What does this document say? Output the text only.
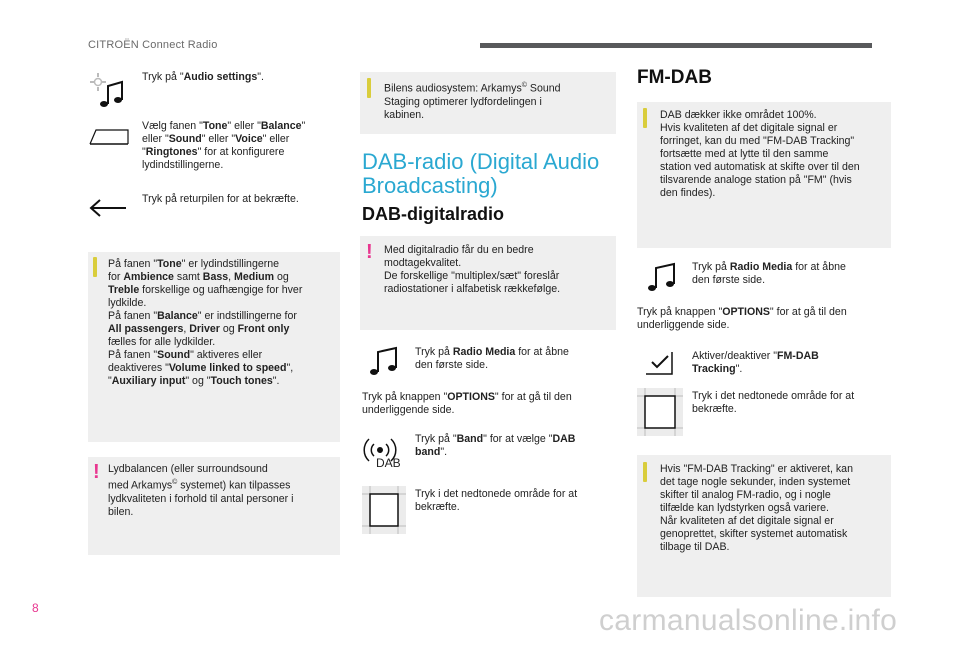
CITROËN Connect Radio
Tryk på "Audio settings".
Vælg fanen "Tone" eller "Balance"
eller "Sound" eller "Voice" eller
"Ringtones" for at konfigurere
lydindstillingerne.
Tryk på returpilen for at bekræfte.
På fanen "Tone" er lydindstillingerne
for Ambience samt Bass, Medium og
Treble forskellige og uafhængige for hver
lydkilde.
På fanen "Balance" er indstillingerne for
All passengers, Driver og Front only
fælles for alle lydkilder.
På fanen "Sound" aktiveres eller
deaktiveres "Volume linked to speed",
"Auxiliary input" og "Touch tones".
! Lydbalancen (eller surroundsound
med Arkamys© systemet) kan tilpasses
lydkvaliteten i forhold til antal personer i
bilen.
Bilens audiosystem: Arkamys© Sound
Staging optimerer lydfordelingen i
kabinen.
DAB-radio (Digital Audio
Broadcasting)
DAB-digitalradio
! Med digitalradio får du en bedre
modtagekvalitet.
De forskellige "multiplex/sæt" foreslår
radiostationer i alfabetisk rækkefølge.
Tryk på Radio Media for at åbne
den første side.
Tryk på knappen "OPTIONS" for at gå til den
underliggende side.
DAB
Tryk på "Band" for at vælge "DAB
band".
Tryk i det nedtonede område for at
bekræfte.
FM-DAB
DAB dækker ikke området 100%.
Hvis kvaliteten af det digitale signal er
forringet, kan du med "FM-DAB Tracking"
fortsætte med at lytte til den samme
station ved automatisk at skifte over til den
tilsvarende analoge station på "FM" (hvis
den findes).
Tryk på Radio Media for at åbne
den første side.
Tryk på knappen "OPTIONS" for at gå til den
underliggende side.
Aktiver/deaktiver "FM-DAB
Tracking".
Tryk i det nedtonede område for at
bekræfte.
Hvis "FM-DAB Tracking" er aktiveret, kan
det tage nogle sekunder, inden systemet
skifter til analog FM-radio, og i nogle
tilfælde kan lydstyrken også variere.
Når kvaliteten af det digitale signal er
genoprettet, skifter systemet automatisk
tilbage til DAB.
8	carmanualsonline.info
